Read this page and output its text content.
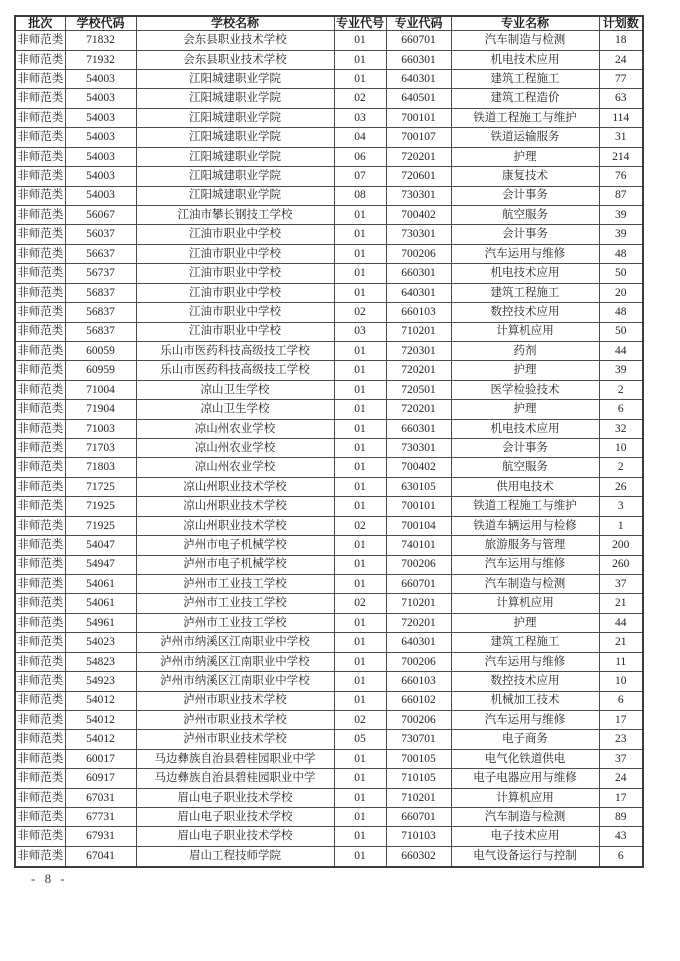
批次	学校代码	学校名称	专业代号	专业代码	专业名称	计划数
非师范类	71832	会东县职业技术学校	01	660701	汽车制造与检测	18
非师范类	71932	会东县职业技术学校	01	660301	机电技术应用	24
非师范类	54003	江阳城建职业学院	01	640301	建筑工程施工	77
非师范类	54003	江阳城建职业学院	02	640501	建筑工程造价	63
非师范类	54003	江阳城建职业学院	03	700101	铁道工程施工与维护	114
非师范类	54003	江阳城建职业学院	04	700107	铁道运输服务	31
非师范类	54003	江阳城建职业学院	06	720201	护理	214
非师范类	54003	江阳城建职业学院	07	720601	康复技术	76
非师范类	54003	江阳城建职业学院	08	730301	会计事务	87
非师范类	56067	江油市攀长钢技工学校	01	700402	航空服务	39
非师范类	56037	江油市职业中学校	01	730301	会计事务	39
非师范类	56637	江油市职业中学校	01	700206	汽车运用与维修	48
非师范类	56737	江油市职业中学校	01	660301	机电技术应用	50
非师范类	56837	江油市职业中学校	01	640301	建筑工程施工	20
非师范类	56837	江油市职业中学校	02	660103	数控技术应用	48
非师范类	56837	江油市职业中学校	03	710201	计算机应用	50
非师范类	60059	乐山市医药科技高级技工学校	01	720301	药剂	44
非师范类	60959	乐山市医药科技高级技工学校	01	720201	护理	39
非师范类	71004	凉山卫生学校	01	720501	医学检验技术	2
非师范类	71904	凉山卫生学校	01	720201	护理	6
非师范类	71003	凉山州农业学校	01	660301	机电技术应用	32
非师范类	71703	凉山州农业学校	01	730301	会计事务	10
非师范类	71803	凉山州农业学校	01	700402	航空服务	2
非师范类	71725	凉山州职业技术学校	01	630105	供用电技术	26
非师范类	71925	凉山州职业技术学校	01	700101	铁道工程施工与维护	3
非师范类	71925	凉山州职业技术学校	02	700104	铁道车辆运用与检修	1
非师范类	54047	泸州市电子机械学校	01	740101	旅游服务与管理	200
非师范类	54947	泸州市电子机械学校	01	700206	汽车运用与维修	260
非师范类	54061	泸州市工业技工学校	01	660701	汽车制造与检测	37
非师范类	54061	泸州市工业技工学校	02	710201	计算机应用	21
非师范类	54961	泸州市工业技工学校	01	720201	护理	44
非师范类	54023	泸州市纳溪区江南职业中学校	01	640301	建筑工程施工	21
非师范类	54823	泸州市纳溪区江南职业中学校	01	700206	汽车运用与维修	11
非师范类	54923	泸州市纳溪区江南职业中学校	01	660103	数控技术应用	10
非师范类	54012	泸州市职业技术学校	01	660102	机械加工技术	6
非师范类	54012	泸州市职业技术学校	02	700206	汽车运用与维修	17
非师范类	54012	泸州市职业技术学校	05	730701	电子商务	23
非师范类	60017	马边彝族自治县碧桂园职业中学	01	700105	电气化铁道供电	37
非师范类	60917	马边彝族自治县碧桂园职业中学	01	710105	电子电器应用与维修	24
非师范类	67031	眉山电子职业技术学校	01	710201	计算机应用	17
非师范类	67731	眉山电子职业技术学校	01	660701	汽车制造与检测	89
非师范类	67931	眉山电子职业技术学校	01	710103	电子技术应用	43
非师范类	67041	眉山工程技师学院	01	660302	电气设备运行与控制	6
- 8 -
